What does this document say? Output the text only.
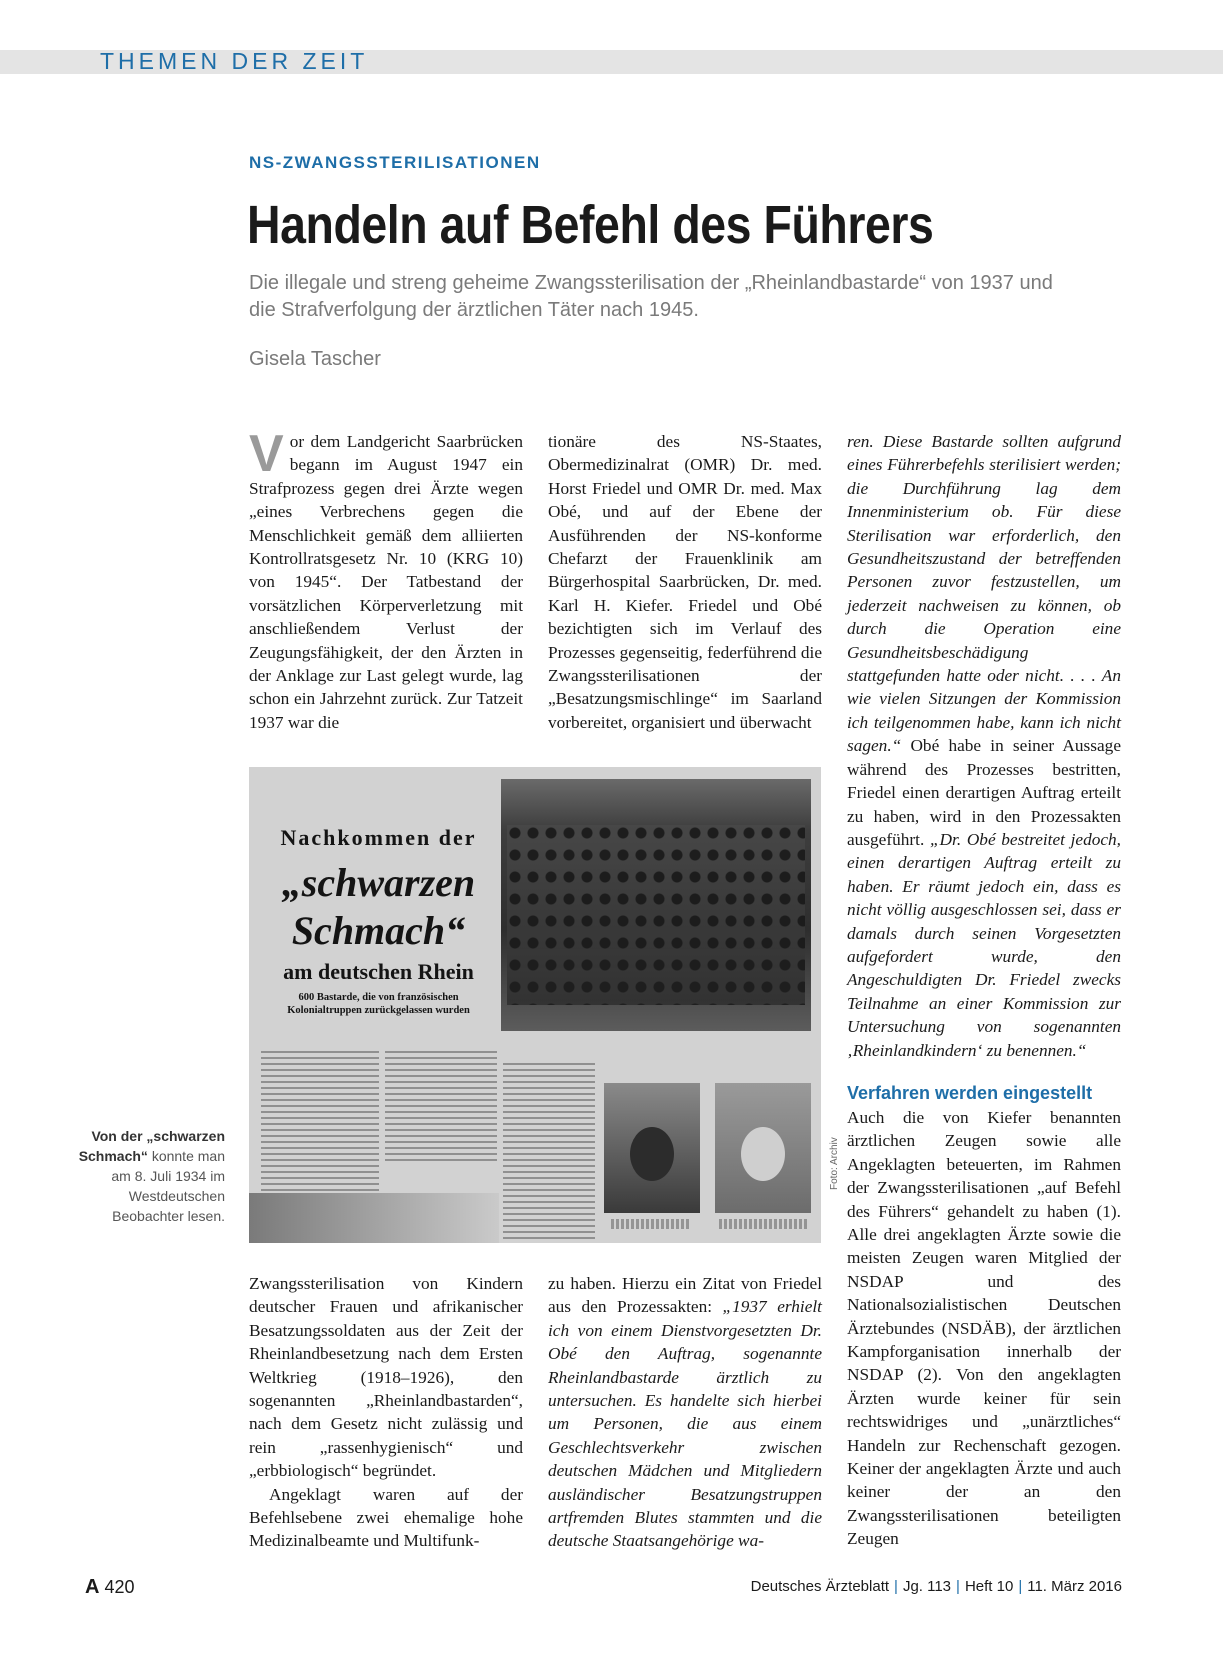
THEMEN DER ZEIT
NS-ZWANGSSTERILISATIONEN
Handeln auf Befehl des Führers
Die illegale und streng geheime Zwangssterilisation der „Rheinlandbastarde“ von 1937 und die Strafverfolgung der ärztlichen Täter nach 1945.
Gisela Tascher

Vor dem Landgericht Saarbrücken begann im August 1947 ein Strafprozess gegen drei Ärzte wegen „eines Verbrechens gegen die Menschlichkeit gemäß dem alliierten Kontrollratsgesetz Nr. 10 (KRG 10) von 1945“. Der Tatbestand der vorsätzlichen Körperverletzung mit anschließendem Verlust der Zeugungsfähigkeit, der den Ärzten in der Anklage zur Last gelegt wurde, lag schon ein Jahrzehnt zurück. Zur Tatzeit 1937 war die

tionäre des NS-Staates, Obermedizinalrat (OMR) Dr. med. Horst Friedel und OMR Dr. med. Max Obé, und auf der Ebene der Ausführenden der NS-konforme Chefarzt der Frauenklinik am Bürgerhospital Saarbrücken, Dr. med. Karl H. Kiefer. Friedel und Obé bezichtigten sich im Verlauf des Prozesses gegenseitig, federführend die Zwangssterilisationen der „Besatzungsmischlinge“ im Saarland vorbereitet, organisiert und überwacht

ren. Diese Bastarde sollten aufgrund eines Führerbefehls sterilisiert werden; die Durchführung lag dem Innenministerium ob. Für diese Sterilisation war erforderlich, den Gesundheitszustand der betreffenden Personen zuvor festzustellen, um jederzeit nachweisen zu können, ob durch die Operation eine Gesundheitsbeschädigung stattgefunden hatte oder nicht. . . . An wie vielen Sitzungen der Kommission ich teilgenommen habe, kann ich nicht sagen.“ Obé habe in seiner Aussage während des Prozesses bestritten, Friedel einen derartigen Auftrag erteilt zu haben, wird in den Prozessakten ausgeführt. „Dr. Obé bestreitet jedoch, einen derartigen Auftrag erteilt zu haben. Er räumt jedoch ein, dass es nicht völlig ausgeschlossen sei, dass er damals durch seinen Vorgesetzten aufgefordert wurde, den Angeschuldigten Dr. Friedel zwecks Teilnahme an einer Kommission zur Untersuchung von sogenannten ‚Rheinlandkindern‘ zu benennen.“

Verfahren werden eingestellt

Auch die von Kiefer benannten ärztlichen Zeugen sowie alle Angeklagten beteuerten, im Rahmen der Zwangssterilisationen „auf Befehl des Führers“ gehandelt zu haben (1). Alle drei angeklagten Ärzte sowie die meisten Zeugen waren Mitglied der NSDAP und des Nationalsozialistischen Deutschen Ärztebundes (NSDÄB), der ärztlichen Kampforganisation innerhalb der NSDAP (2). Von den angeklagten Ärzten wurde keiner für sein rechtswidriges und „unärztliches“ Handeln zur Rechenschaft gezogen. Keiner der angeklagten Ärzte und auch keiner der an den Zwangssterilisationen beteiligten Zeugen

Nachkommen der
„schwarzen
Schmach“
am deutschen Rhein
600 Bastarde, die von französischen Kolonialtruppen zurückgelassen wurden
Foto: Archiv
Von der „schwarzen Schmach“ konnte man am 8. Juli 1934 im Westdeutschen Beobachter lesen.

Zwangssterilisation von Kindern deutscher Frauen und afrikanischer Besatzungssoldaten aus der Zeit der Rheinlandbesetzung nach dem Ersten Weltkrieg (1918–1926), den sogenannten „Rheinlandbastarden“, nach dem Gesetz nicht zulässig und rein „rassenhygienisch“ und „erbbiologisch“ begründet.

Angeklagt waren auf der Befehlsebene zwei ehemalige hohe Medizinalbeamte und Multifunk-

zu haben. Hierzu ein Zitat von Friedel aus den Prozessakten: „1937 erhielt ich von einem Dienstvorgesetzten Dr. Obé den Auftrag, sogenannte Rheinlandbastarde ärztlich zu untersuchen. Es handelte sich hierbei um Personen, die aus einem Geschlechtsverkehr zwischen deutschen Mädchen und Mitgliedern ausländischer Besatzungstruppen artfremden Blutes stammten und die deutsche Staatsangehörige wa-

A 420	Deutsches Ärzteblatt | Jg. 113 | Heft 10 | 11. März 2016
